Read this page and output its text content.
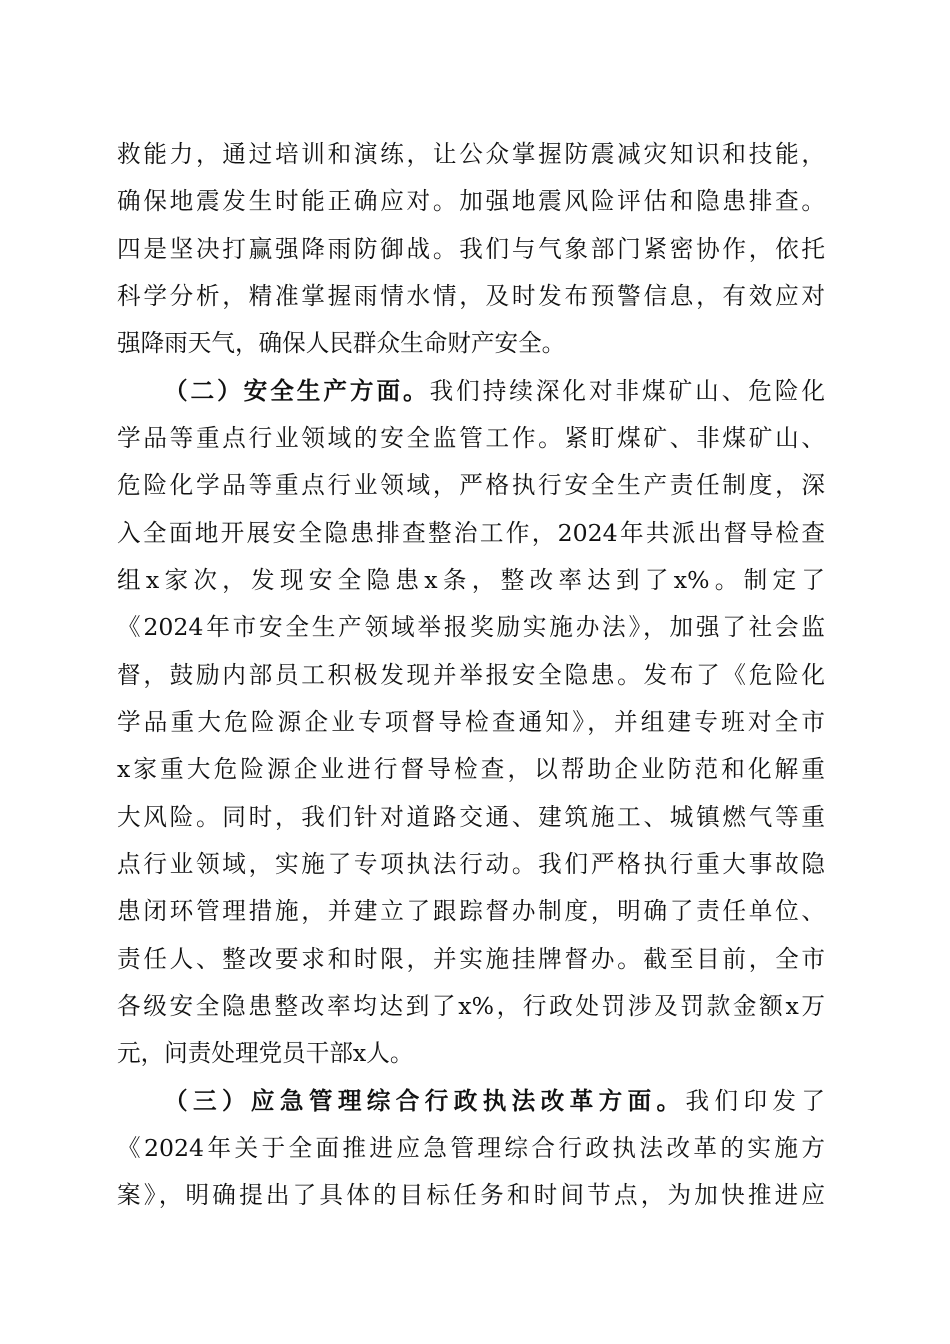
救能力，通过培训和演练，让公众掌握防震减灾知识和技能，
确保地震发生时能正确应对。加强地震风险评估和隐患排查。
四是坚决打赢强降雨防御战。我们与气象部门紧密协作，依托
科学分析，精准掌握雨情水情，及时发布预警信息，有效应对
强降雨天气，确保人民群众生命财产安全。
（二）安全生产方面。我们持续深化对非煤矿山、危险化
学品等重点行业领域的安全监管工作。紧盯煤矿、非煤矿山、
危险化学品等重点行业领域，严格执行安全生产责任制度，深
入全面地开展安全隐患排查整治工作，2024年共派出督导检查
组x家次，发现安全隐患x条，整改率达到了x%。制定了
《2024年市安全生产领域举报奖励实施办法》，加强了社会监
督，鼓励内部员工积极发现并举报安全隐患。发布了《危险化
学品重大危险源企业专项督导检查通知》，并组建专班对全市
x家重大危险源企业进行督导检查，以帮助企业防范和化解重
大风险。同时，我们针对道路交通、建筑施工、城镇燃气等重
点行业领域，实施了专项执法行动。我们严格执行重大事故隐
患闭环管理措施，并建立了跟踪督办制度，明确了责任单位、
责任人、整改要求和时限，并实施挂牌督办。截至目前，全市
各级安全隐患整改率均达到了x%，行政处罚涉及罚款金额x万
元，问责处理党员干部x人。
（三）应急管理综合行政执法改革方面。我们印发了
《2024年关于全面推进应急管理综合行政执法改革的实施方
案》，明确提出了具体的目标任务和时间节点，为加快推进应
